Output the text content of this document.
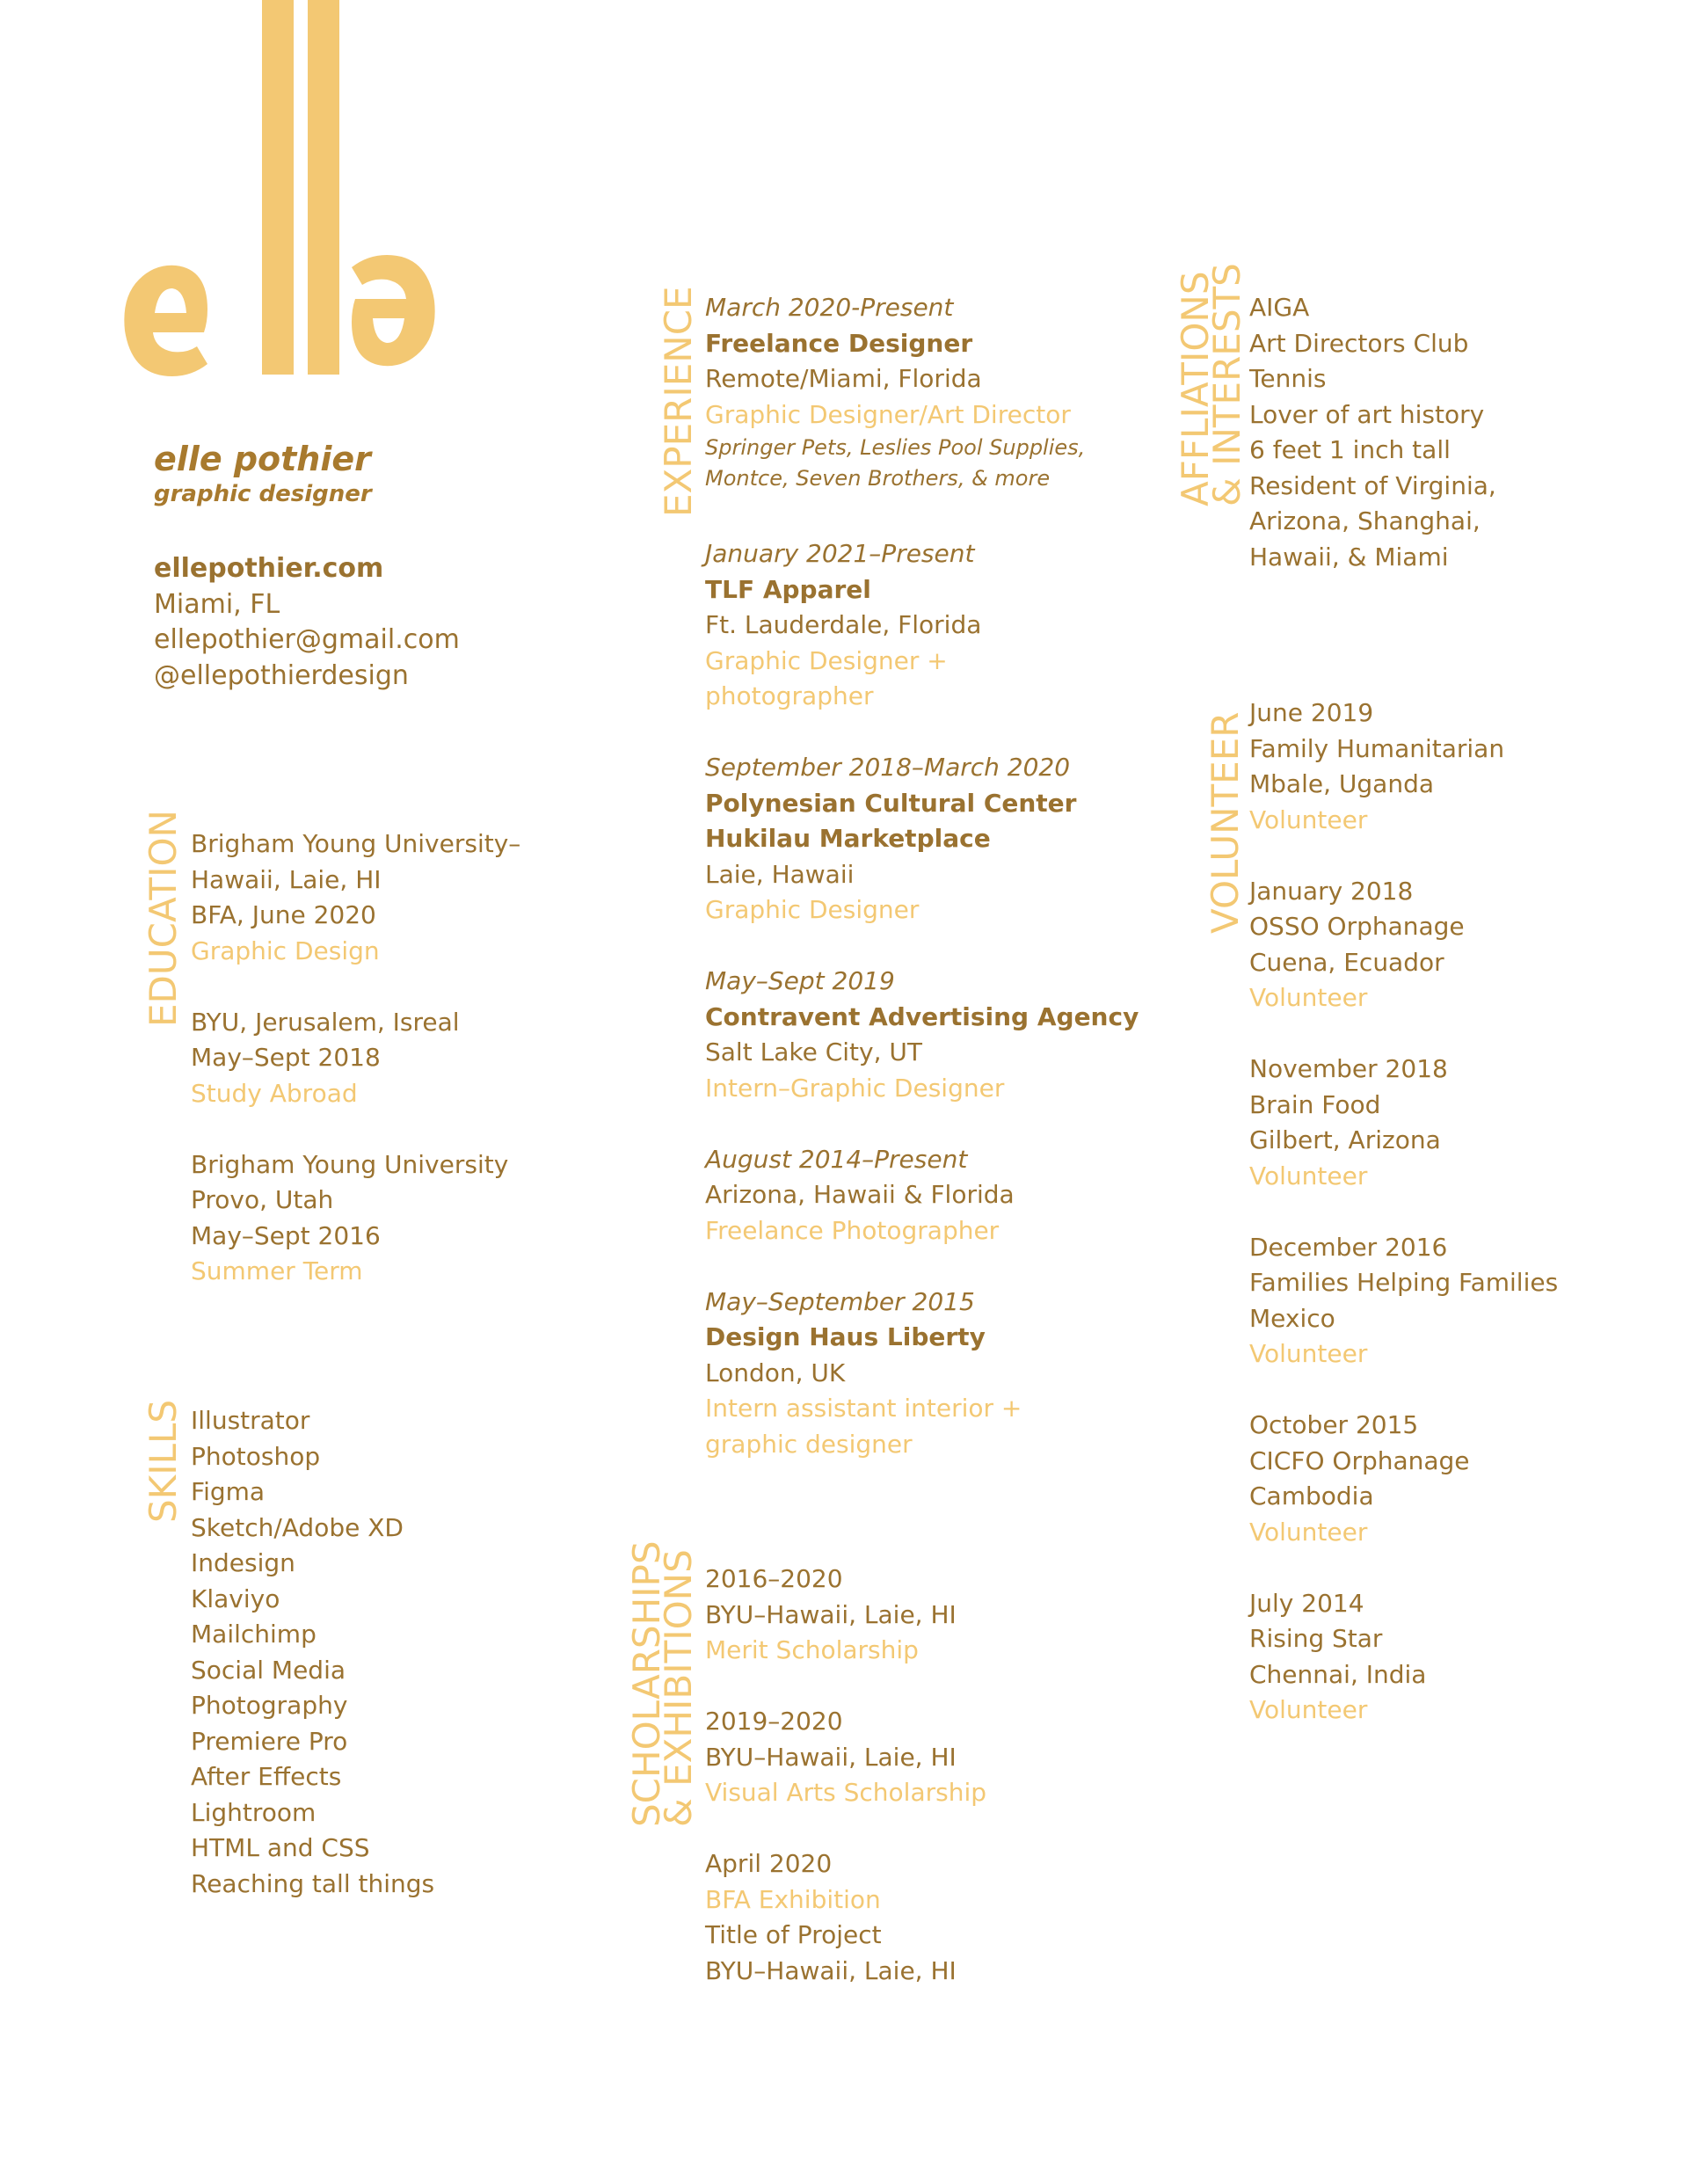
elle pothier
graphic designer
ellepothier.com
Miami, FL
ellepothier@gmail.com
@ellepothierdesign
EDUCATION
SKILLS
EXPERIENCE
SCHOLARSHIPS
& EXHIBITIONS
AFFLIATIONS
& INTERESTS
VOLUNTEER
Brigham Young University–
Hawaii, Laie, HI
BFA, June 2020
Graphic Design
BYU, Jerusalem, Isreal
May–Sept 2018
Study Abroad
Brigham Young University
Provo, Utah
May–Sept 2016
Summer Term
Illustrator
Photoshop
Figma
Sketch/Adobe XD
Indesign
Klaviyo
Mailchimp
Social Media
Photography
Premiere Pro
After Effects
Lightroom
HTML and CSS
Reaching tall things
March 2020-Present
Freelance Designer
Remote/Miami, Florida
Graphic Designer/Art Director
Springer Pets, Leslies Pool Supplies,
Montce, Seven Brothers, & more
January 2021–Present
TLF Apparel
Ft. Lauderdale, Florida
Graphic Designer +
photographer
September 2018–March 2020
Polynesian Cultural Center
Hukilau Marketplace
Laie, Hawaii
Graphic Designer
May–Sept 2019
Contravent Advertising Agency
Salt Lake City, UT
Intern–Graphic Designer
August 2014–Present
Arizona, Hawaii & Florida
Freelance Photographer
May–September 2015
Design Haus Liberty
London, UK
Intern assistant interior +
graphic designer
2016–2020
BYU–Hawaii, Laie, HI
Merit Scholarship
2019–2020
BYU–Hawaii, Laie, HI
Visual Arts Scholarship
April 2020
BFA Exhibition
Title of Project
BYU–Hawaii, Laie, HI
AIGA
Art Directors Club
Tennis
Lover of art history
6 feet 1 inch tall
Resident of Virginia,
Arizona, Shanghai,
Hawaii, & Miami
June 2019
Family Humanitarian
Mbale, Uganda
Volunteer
January 2018
OSSO Orphanage
Cuena, Ecuador
Volunteer
November 2018
Brain Food
Gilbert, Arizona
Volunteer
December 2016
Families Helping Families
Mexico
Volunteer
October 2015
CICFO Orphanage
Cambodia
Volunteer
July 2014
Rising Star
Chennai, India
Volunteer
